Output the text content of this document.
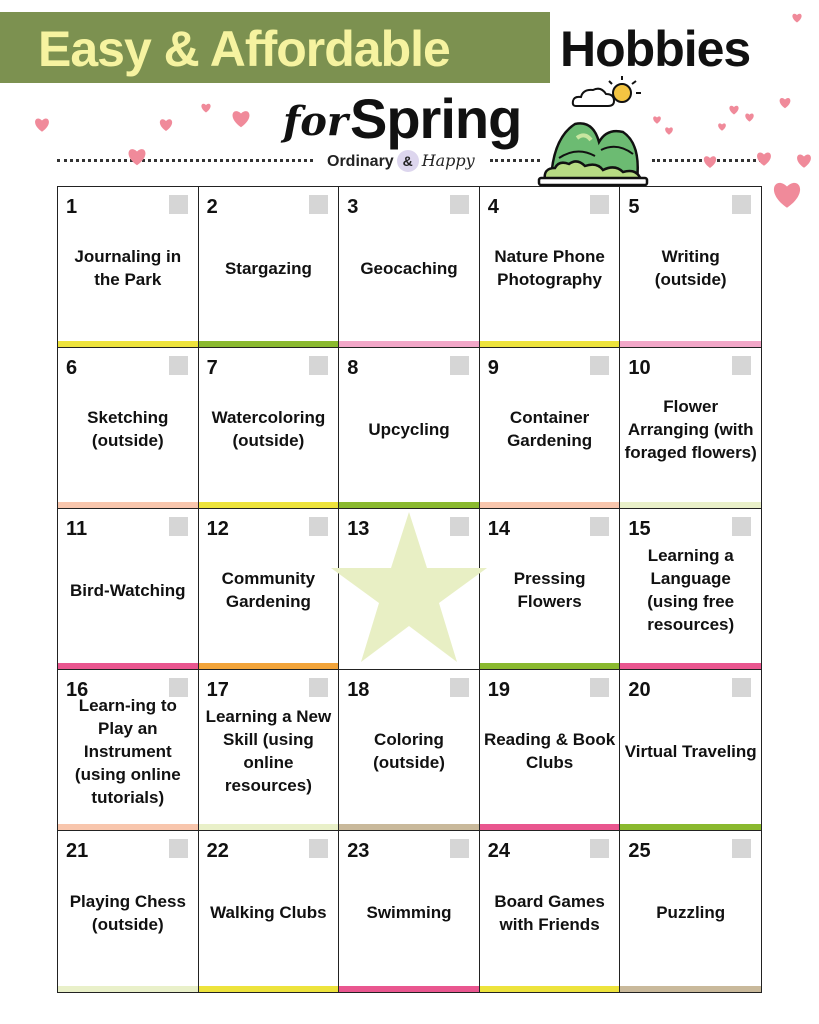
Easy & Affordable Hobbies
for Spring
Ordinary & Happy
1
Journaling in the Park
2
Stargazing
3
Geocaching
4
Nature Phone Photography
5
Writing (outside)
6
Sketching (outside)
7
Watercoloring (outside)
8
Upcycling
9
Container Gardening
10
Flower Arranging (with foraged flowers)
11
Bird-Watching
12
Community Gardening
13	14
Pressing Flowers
15
Learning a Language (using free resources)
16
Learn-ing to Play an Instrument (using online tutorials)
17
Learning a New Skill (using online resources)
18
Coloring (outside)
19
Reading & Book Clubs
20
Virtual Traveling
21
Playing Chess (outside)
22
Walking Clubs
23
Swimming
24
Board Games with Friends
25
Puzzling
